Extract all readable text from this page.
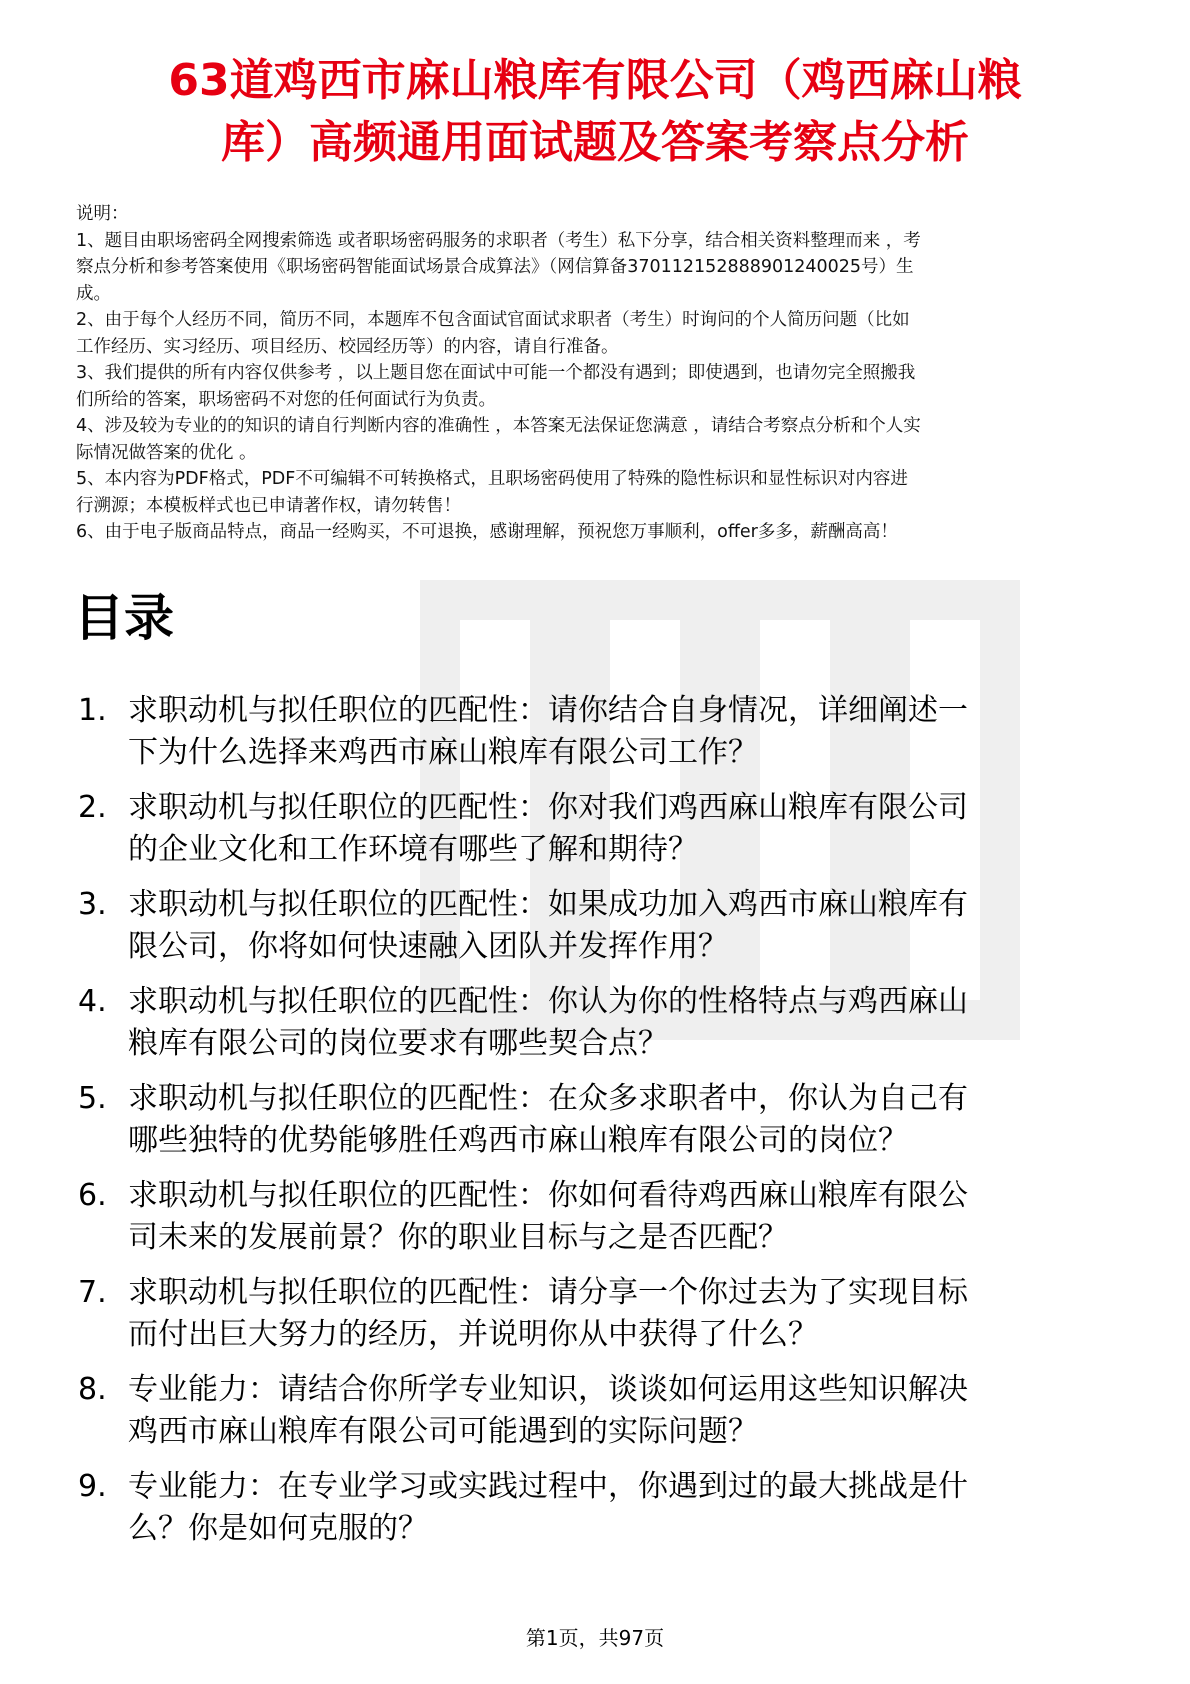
63道鸡西市麻山粮库有限公司（鸡西麻山粮
库）高频通用面试题及答案考察点分析
说明：
1、题目由职场密码全网搜索筛选 或者职场密码服务的求职者（考生）私下分享，结合相关资料整理而来 ，考
察点分析和参考答案使用《职场密码智能面试场景合成算法》（网信算备370112152888901240025号）生
成。
2、由于每个人经历不同，简历不同，本题库不包含面试官面试求职者（考生）时询问的个人简历问题（比如
工作经历、实习经历、项目经历、校园经历等）的内容，请自行准备。
3、我们提供的所有内容仅供参考 ，以上题目您在面试中可能一个都没有遇到；即使遇到，也请勿完全照搬我
们所给的答案，职场密码不对您的任何面试行为负责。
4、涉及较为专业的的知识的请自行判断内容的准确性 ，本答案无法保证您满意 ，请结合考察点分析和个人实
际情况做答案的优化 。
5、本内容为PDF格式，PDF不可编辑不可转换格式，且职场密码使用了特殊的隐性标识和显性标识对内容进
行溯源；本模板样式也已申请著作权，请勿转售！
6、由于电子版商品特点，商品一经购买，不可退换，感谢理解，预祝您万事顺利，offer多多，薪酬高高！
目录
1. 求职动机与拟任职位的匹配性：请你结合自身情况，详细阐述一
下为什么选择来鸡西市麻山粮库有限公司工作？
2. 求职动机与拟任职位的匹配性：你对我们鸡西麻山粮库有限公司
的企业文化和工作环境有哪些了解和期待？
3. 求职动机与拟任职位的匹配性：如果成功加入鸡西市麻山粮库有
限公司，你将如何快速融入团队并发挥作用？
4. 求职动机与拟任职位的匹配性：你认为你的性格特点与鸡西麻山
粮库有限公司的岗位要求有哪些契合点？
5. 求职动机与拟任职位的匹配性：在众多求职者中，你认为自己有
哪些独特的优势能够胜任鸡西市麻山粮库有限公司的岗位？
6. 求职动机与拟任职位的匹配性：你如何看待鸡西麻山粮库有限公
司未来的发展前景？你的职业目标与之是否匹配？
7. 求职动机与拟任职位的匹配性：请分享一个你过去为了实现目标
而付出巨大努力的经历，并说明你从中获得了什么？
8. 专业能力：请结合你所学专业知识，谈谈如何运用这些知识解决
鸡西市麻山粮库有限公司可能遇到的实际问题？
9. 专业能力：在专业学习或实践过程中，你遇到过的最大挑战是什
么？你是如何克服的？
第1页，共97页
